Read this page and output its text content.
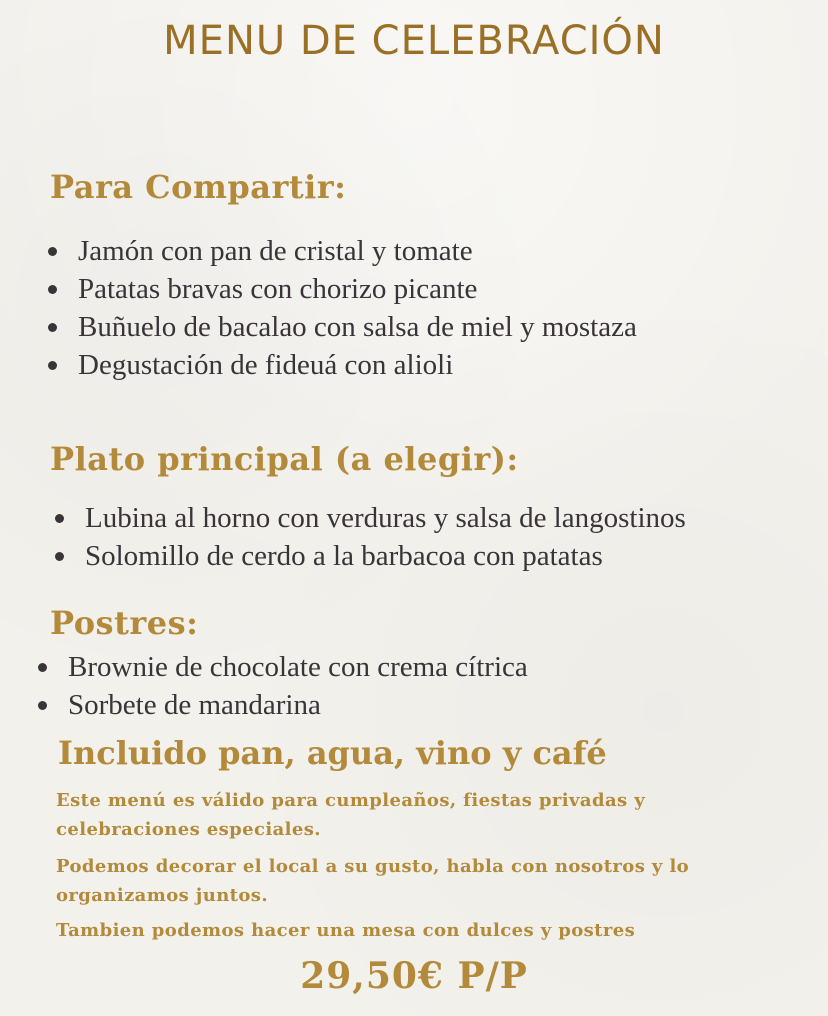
MENU DE CELEBRACIÓN
Para Compartir:
Jamón con pan de cristal y tomate
Patatas bravas con chorizo picante
Buñuelo de bacalao con salsa de miel y mostaza
Degustación de fideuá con alioli
Plato principal (a elegir):
Lubina al horno con verduras y salsa de langostinos
Solomillo de cerdo a la barbacoa con patatas
Postres:
Brownie de chocolate con crema cítrica
Sorbete de mandarina
Incluido pan, agua, vino y café
Este menú es válido para cumpleaños, fiestas privadas y celebraciones especiales.
Podemos decorar el local a su gusto, habla con nosotros y lo organizamos juntos.
Tambien podemos hacer una mesa con dulces y postres
29,50€ P/P
